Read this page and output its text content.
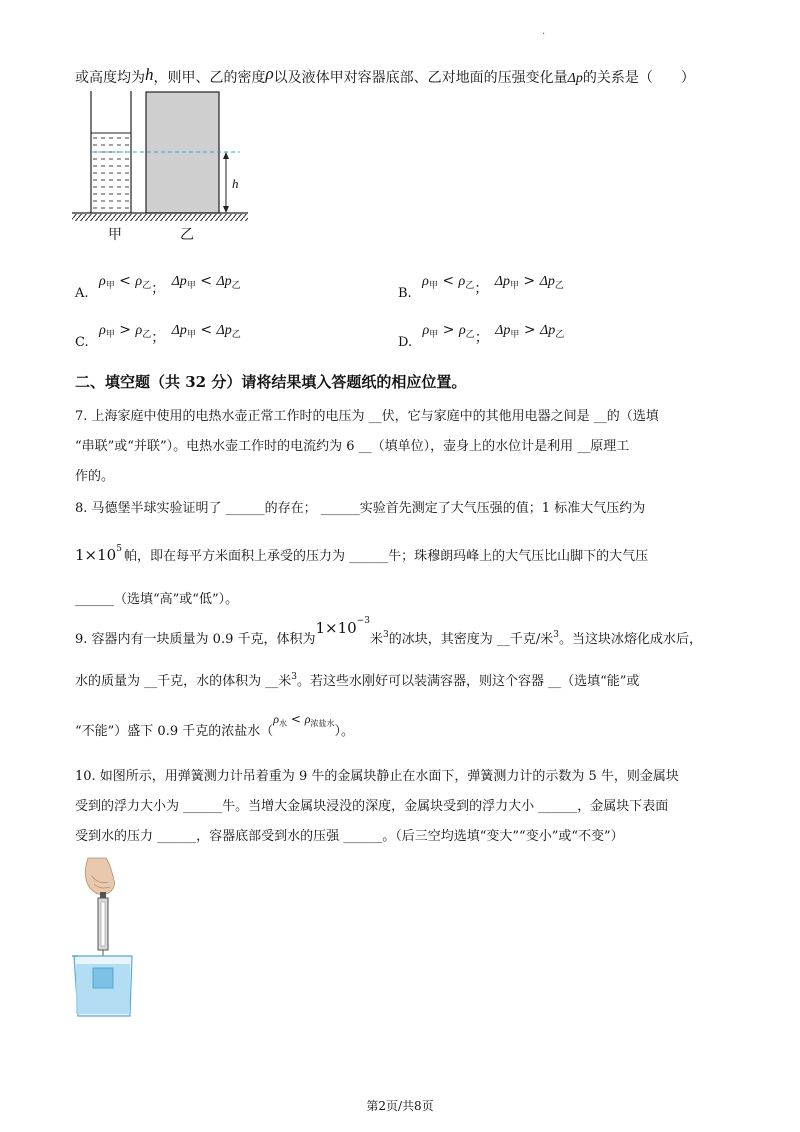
.
或高度均为h，则甲、乙的密度ρ以及液体甲对容器底部、乙对地面的压强变化量Δp的关系是（　　）
h
甲	乙
A. $\rho_甲 < \rho_乙$； $\Delta p_甲 < \Delta p_乙$	B. $\rho_甲 < \rho_乙$； $\Delta p_甲 > \Delta p_乙$
C. $\rho_甲 > \rho_乙$； $\Delta p_甲 < \Delta p_乙$	D. $\rho_甲 > \rho_乙$； $\Delta p_甲 > \Delta p_乙$
二、填空题（共 32 分）请将结果填入答题纸的相应位置。
7. 上海家庭中使用的电热水壶正常工作时的电压为 __伏，它与家庭中的其他用电器之间是 __的（选填
“串联”或“并联”）。电热水壶工作时的电流约为 6 __（填单位），壶身上的水位计是利用 __原理工
作的。
8. 马德堡半球实验证明了 ______的存在； ______实验首先测定了大气压强的值；1 标准大气压约为
$1\times 10^5$ 帕，即在每平方米面积上承受的压力为 ______牛；珠穆朗玛峰上的大气压比山脚下的大气压
______（选填“高”或“低”）。
9. 容器内有一块质量为 0.9 千克，体积为$1\times 10^{-3}$米$^3$的冰块，其密度为 __千克/米$^3$。当这块冰熔化成水后，
水的质量为 __千克，水的体积为 __米$^3$。若这些水刚好可以装满容器，则这个容器 __（选填“能”或
“不能”）盛下 0.9 千克的浓盐水$(\rho_水 < \rho_{浓盐水})$。
10. 如图所示，用弹簧测力计吊着重为 9 牛的金属块静止在水面下，弹簧测力计的示数为 5 牛，则金属块
受到的浮力大小为 ______牛。当增大金属块浸没的深度，金属块受到的浮力大小 ______，金属块下表面
受到水的压力 ______，容器底部受到水的压强 ______。（后三空均选填“变大”“变小”或“不变”）
第2页/共8页
